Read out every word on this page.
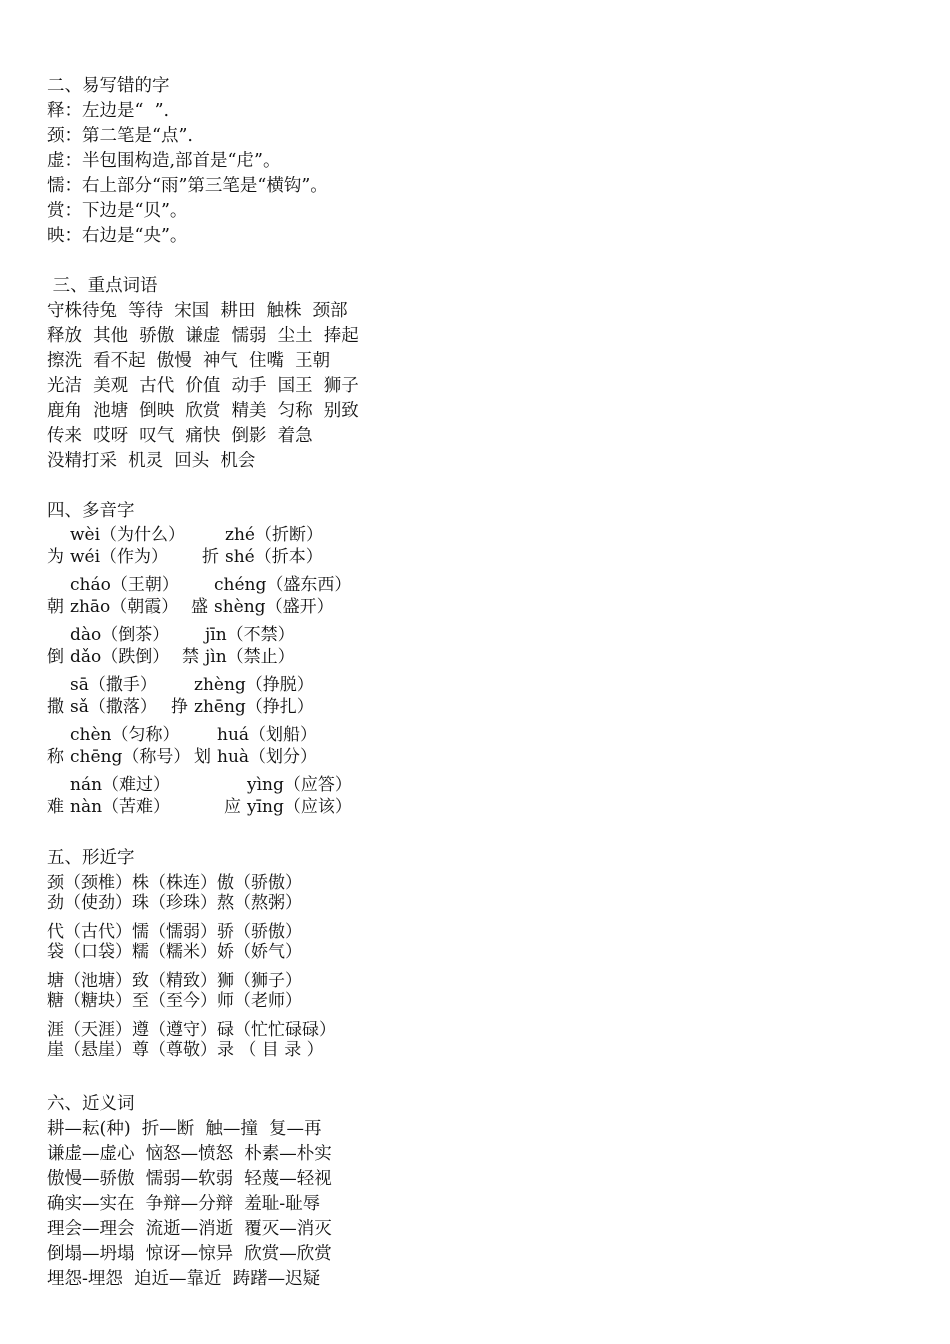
二、易写错的字
释：左边是“  ”.
颈：第二笔是“点”.
虚：半包围构造,部首是“虍”。
懦：右上部分“雨”第三笔是“横钩”。
赏：下边是“贝”。
映：右边是“央”。
三、重点词语
守株待兔  等待  宋国  耕田  触株  颈部
释放  其他  骄傲  谦虚  懦弱  尘土  捧起
擦洗  看不起  傲慢  神气  住嘴  王朝
光洁  美观  古代  价值  动手  国王  狮子
鹿角  池塘  倒映  欣赏  精美  匀称  别致
传来  哎呀  叹气  痛快  倒影  着急
没精打采  机灵  回头  机会
四、多音字
wèi（为什么） zhé（折断）
为 wéi（作为） 折 shé（折本）
cháo（王朝） chéng（盛东西）
朝 zhāo（朝霞） 盛 shèng（盛开）
dào（倒茶） jīn（不禁）
倒 dǎo（跌倒） 禁 jìn（禁止）
sā（撒手） zhèng（挣脱）
撒 sǎ（撒落） 挣 zhēng（挣扎）
chèn（匀称） huá（划船）
称 chēng（称号） 划 huà（划分）
nán（难过）	yìng（应答）
难 nàn（苦难）	应 yīng（应该）
五、形近字
颈（颈椎）株（株连）傲（骄傲）
劲（使劲）珠（珍珠）熬（熬粥）
代（古代）懦（懦弱）骄（骄傲）
袋（口袋）糯（糯米）娇（娇气）
塘（池塘）致（精致）狮（狮子）
糖（糖块）至（至今）师（老师）
涯（天涯）遵（遵守）碌（忙忙碌碌）
崖（悬崖）尊（尊敬）录 （ 目 录 ）
六、近义词
耕—耘(种)  折—断  触—撞  复—再
谦虚—虚心  恼怒—愤怒  朴素—朴实
傲慢—骄傲  懦弱—软弱  轻蔑—轻视
确实—实在  争辩—分辩  羞耻-耻辱
理会—理会  流逝—消逝  覆灭—消灭
倒塌—坍塌  惊讶—惊异  欣赏—欣赏
埋怨-埋怨  迫近—靠近  踌躇—迟疑
